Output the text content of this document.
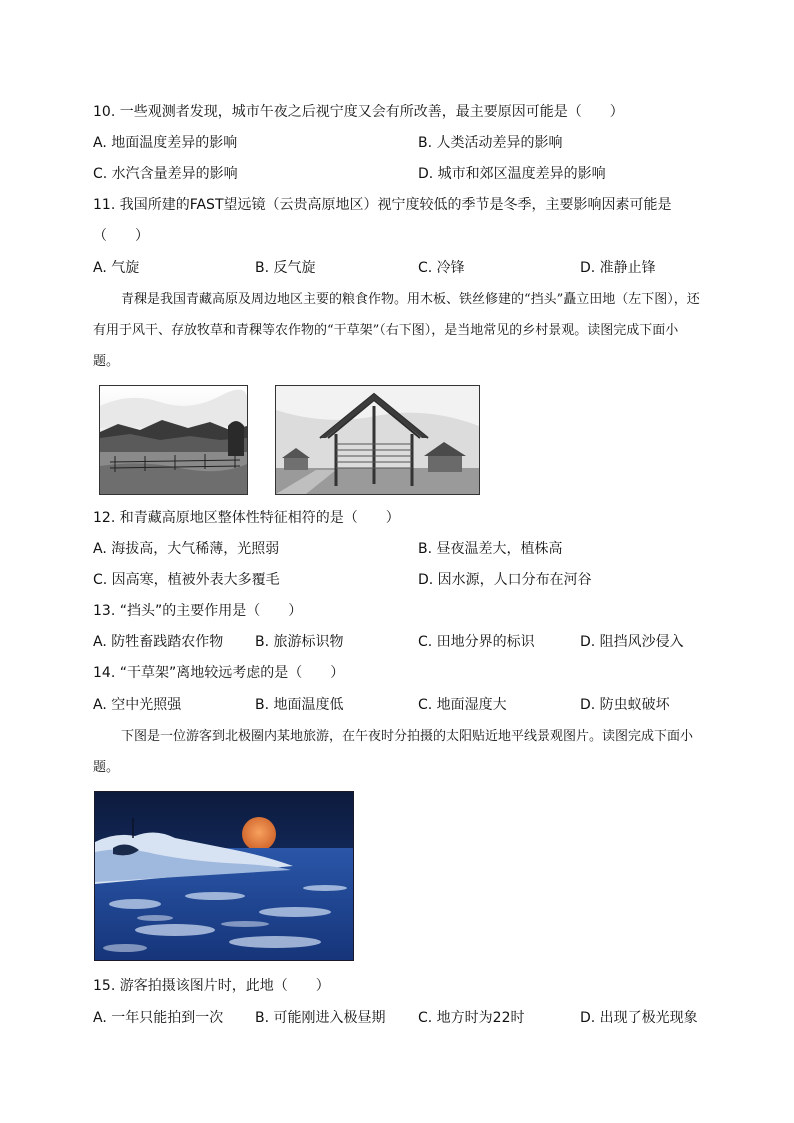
10. 一些观测者发现，城市午夜之后视宁度又会有所改善，最主要原因可能是（　　）
A. 地面温度差异的影响	B. 人类活动差异的影响
C. 水汽含量差异的影响	D. 城市和郊区温度差异的影响
11. 我国所建的FAST望远镜（云贵高原地区）视宁度较低的季节是冬季，主要影响因素可能是
（　　）
A. 气旋	B. 反气旋	C. 冷锋	D. 准静止锋
青稞是我国青藏高原及周边地区主要的粮食作物。用木板、铁丝修建的“挡头”矗立田地（左下图），还有用于风干、存放牧草和青稞等农作物的“干草架”（右下图），是当地常见的乡村景观。读图完成下面小题。
12. 和青藏高原地区整体性特征相符的是（　　）
A. 海拔高，大气稀薄，光照弱	B. 昼夜温差大，植株高
C. 因高寒，植被外表大多覆毛	D. 因水源，人口分布在河谷
13. “挡头”的主要作用是（　　）
A. 防牲畜践踏农作物 B. 旅游标识物	C. 田地分界的标识	D. 阻挡风沙侵入
14. “干草架”离地较远考虑的是（　　）
A. 空中光照强	B. 地面温度低	C. 地面湿度大	D. 防虫蚁破坏
下图是一位游客到北极圈内某地旅游，在午夜时分拍摄的太阳贴近地平线景观图片。读图完成下面小题。
15. 游客拍摄该图片时，此地（　　）
A. 一年只能拍到一次 B. 可能刚进入极昼期 C. 地方时为22时	D. 出现了极光现象
